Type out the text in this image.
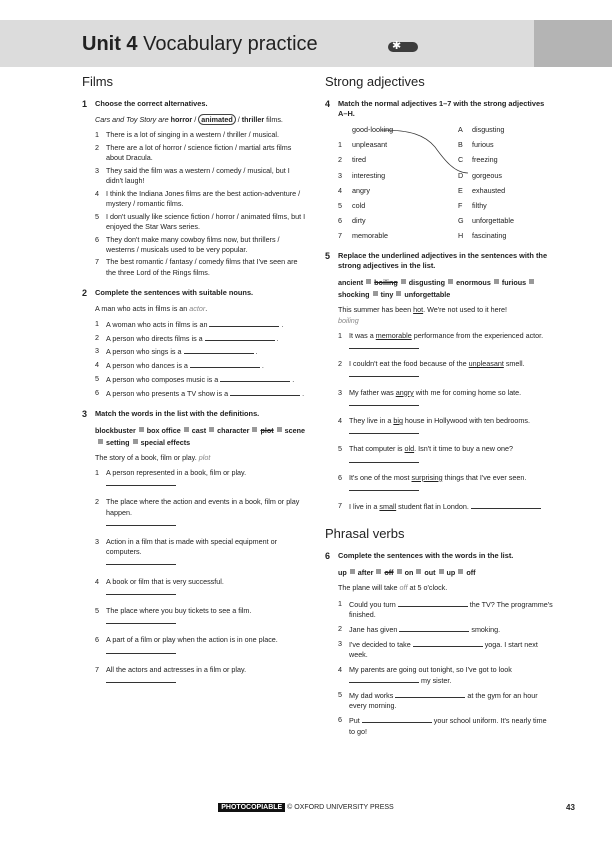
Unit 4 Vocabulary practice	✱
Films
1	Choose the correct alternatives.
Cars and Toy Story are horror / animated / thriller films.
1 There is a lot of singing in a western / thriller / musical.
2 There are a lot of horror / science fiction / martial arts films about Dracula.
3 They said the film was a western / comedy / musical, but I didn't laugh!
4 I think the Indiana Jones films are the best action-adventure / mystery / romantic films.
5 I don't usually like science fiction / horror / animated films, but I enjoyed the Star Wars series.
6 They don't make many cowboy films now, but thrillers / westerns / musicals used to be very popular.
7 The best romantic / fantasy / comedy films that I've seen are the three Lord of the Rings films.
2	Complete the sentences with suitable nouns.
A man who acts in films is an actor.
1 A woman who acts in films is an	.
2 A person who directs films is a	.
3 A person who sings is a	.
4 A person who dances is a	.
5 A person who composes music is a	.
6 A person who presents a TV show is a	.
3	Match the words in the list with the definitions.
blockbuster box office cast character plot scenesetting special effects
The story of a book, film or play. plot
1 A person represented in a book, film or play.

2 The place where the action and events in a book, film or play happen.

3 Action in a film that is made with special equipment or computers.

4 A book or film that is very successful.

5 The place where you buy tickets to see a film.

6 A part of a film or play when the action is in one place.

7 All the actors and actresses in a film or play.

Strong adjectives
4	Match the normal adjectives 1–7 with the strong adjectives A–H.
good-looking	A disgusting
1 unpleasant	B furious
2 tired	C freezing
3 interesting	D gorgeous
4 angry	E exhausted
5 cold	F filthy
6 dirty	G unforgettable
7 memorable	H fascinating
5	Replace the underlined adjectives in the sentences with the strong adjectives in the list.
ancient boiling disgusting enormous furiousshocking tiny unforgettable
This summer has been hot. We're not used to it here!
boiling
1 It was a memorable performance from the experienced actor.
2 I couldn't eat the food because of the unpleasant smell.
3 My father was angry with me for coming home so late.
4 They live in a big house in Hollywood with ten bedrooms.
5 That computer is old. Isn't it time to buy a new one?
6 It's one of the most surprising things that I've ever seen.
7 I live in a small student flat in London.
Phrasal verbs
6	Complete the sentences with the words in the list.
up after off on out up off
The plane will take off at 5 o'clock.
1 Could you turn	the TV? The programme's finished.
2 Jane has given	smoking.
3 I've decided to take	yoga. I start next week.
4 My parents are going out tonight, so I've got to look  my sister.
5 My dad works	at the gym for an hour every morning.
6 Put	your school uniform. It's nearly time to go!
PHOTOCOPIABLE © OXFORD UNIVERSITY PRESS	43
